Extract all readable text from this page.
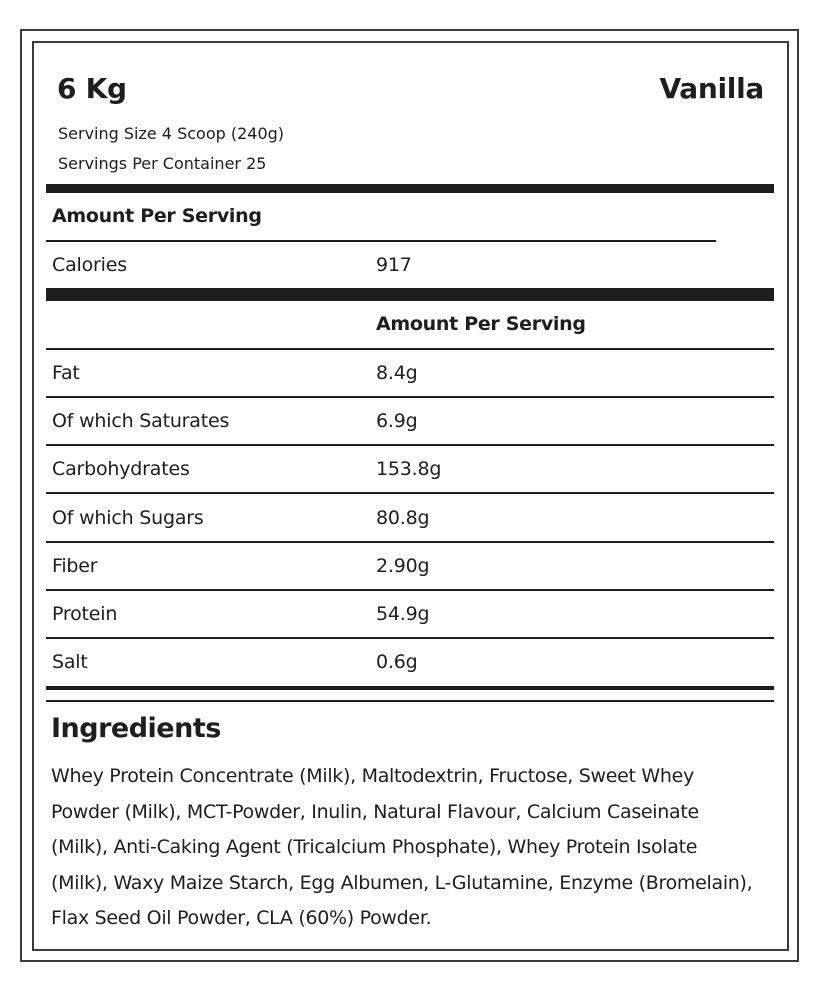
6 Kg	Vanilla
Serving Size 4 Scoop (240g)
Servings Per Container 25
Amount Per Serving
Calories	917
Amount Per Serving
Fat	8.4g
Of which Saturates	6.9g
Carbohydrates	153.8g
Of which Sugars	80.8g
Fiber	2.90g
Protein	54.9g
Salt	0.6g
Ingredients
Whey Protein Concentrate (Milk), Maltodextrin, Fructose, Sweet Whey Powder (Milk), MCT-Powder, Inulin, Natural Flavour, Calcium Caseinate (Milk), Anti-Caking Agent (Tricalcium Phosphate), Whey Protein Isolate (Milk), Waxy Maize Starch, Egg Albumen, L-Glutamine, Enzyme (Bromelain), Flax Seed Oil Powder, CLA (60%) Powder.
